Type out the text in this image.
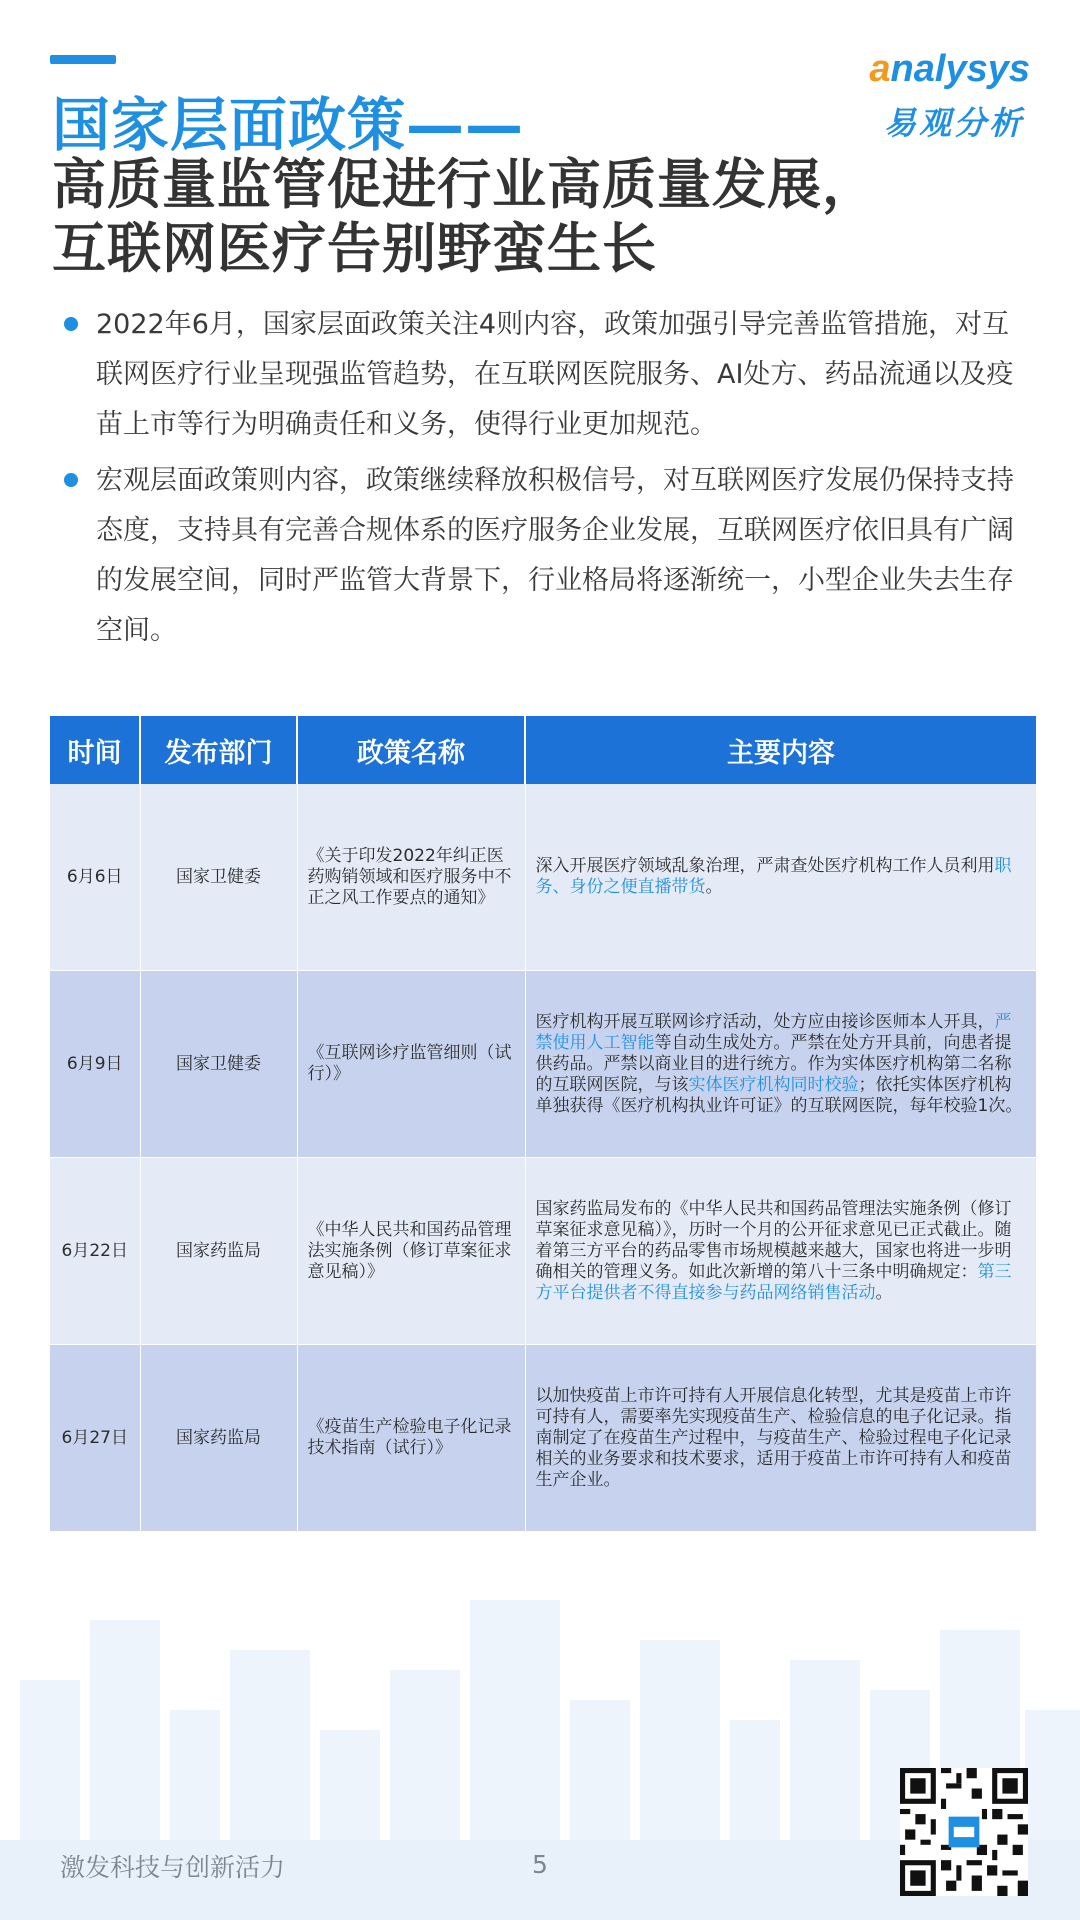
国家层面政策——
高质量监管促进行业高质量发展，
互联网医疗告别野蛮生长
analysys
易观分析
2022年6月，国家层面政策关注4则内容，政策加强引导完善监管措施，对互联网医疗行业呈现强监管趋势，在互联网医院服务、AI处方、药品流通以及疫苗上市等行为明确责任和义务，使得行业更加规范。
宏观层面政策则内容，政策继续释放积极信号，对互联网医疗发展仍保持支持态度，支持具有完善合规体系的医疗服务企业发展，互联网医疗依旧具有广阔的发展空间，同时严监管大背景下，行业格局将逐渐统一，小型企业失去生存空间。
时间	发布部门	政策名称	主要内容
6月6日	国家卫健委	《关于印发2022年纠正医药购销领域和医疗服务中不正之风工作要点的通知》	深入开展医疗领域乱象治理，严肃查处医疗机构工作人员利用职务、身份之便直播带货。
6月9日	国家卫健委	《互联网诊疗监管细则（试行）》	医疗机构开展互联网诊疗活动，处方应由接诊医师本人开具，严禁使用人工智能等自动生成处方。严禁在处方开具前，向患者提供药品。严禁以商业目的进行统方。作为实体医疗机构第二名称的互联网医院，与该实体医疗机构同时校验；依托实体医疗机构单独获得《医疗机构执业许可证》的互联网医院，每年校验1次。
6月22日	国家药监局	《中华人民共和国药品管理法实施条例（修订草案征求意见稿）》	国家药监局发布的《中华人民共和国药品管理法实施条例（修订草案征求意见稿）》，历时一个月的公开征求意见已正式截止。随着第三方平台的药品零售市场规模越来越大，国家也将进一步明确相关的管理义务。如此次新增的第八十三条中明确规定：第三方平台提供者不得直接参与药品网络销售活动。
6月27日	国家药监局	《疫苗生产检验电子化记录技术指南（试行）》	以加快疫苗上市许可持有人开展信息化转型，尤其是疫苗上市许可持有人，需要率先实现疫苗生产、检验信息的电子化记录。指南制定了在疫苗生产过程中，与疫苗生产、检验过程电子化记录相关的业务要求和技术要求，适用于疫苗上市许可持有人和疫苗生产企业。
激发科技与创新活力	5
